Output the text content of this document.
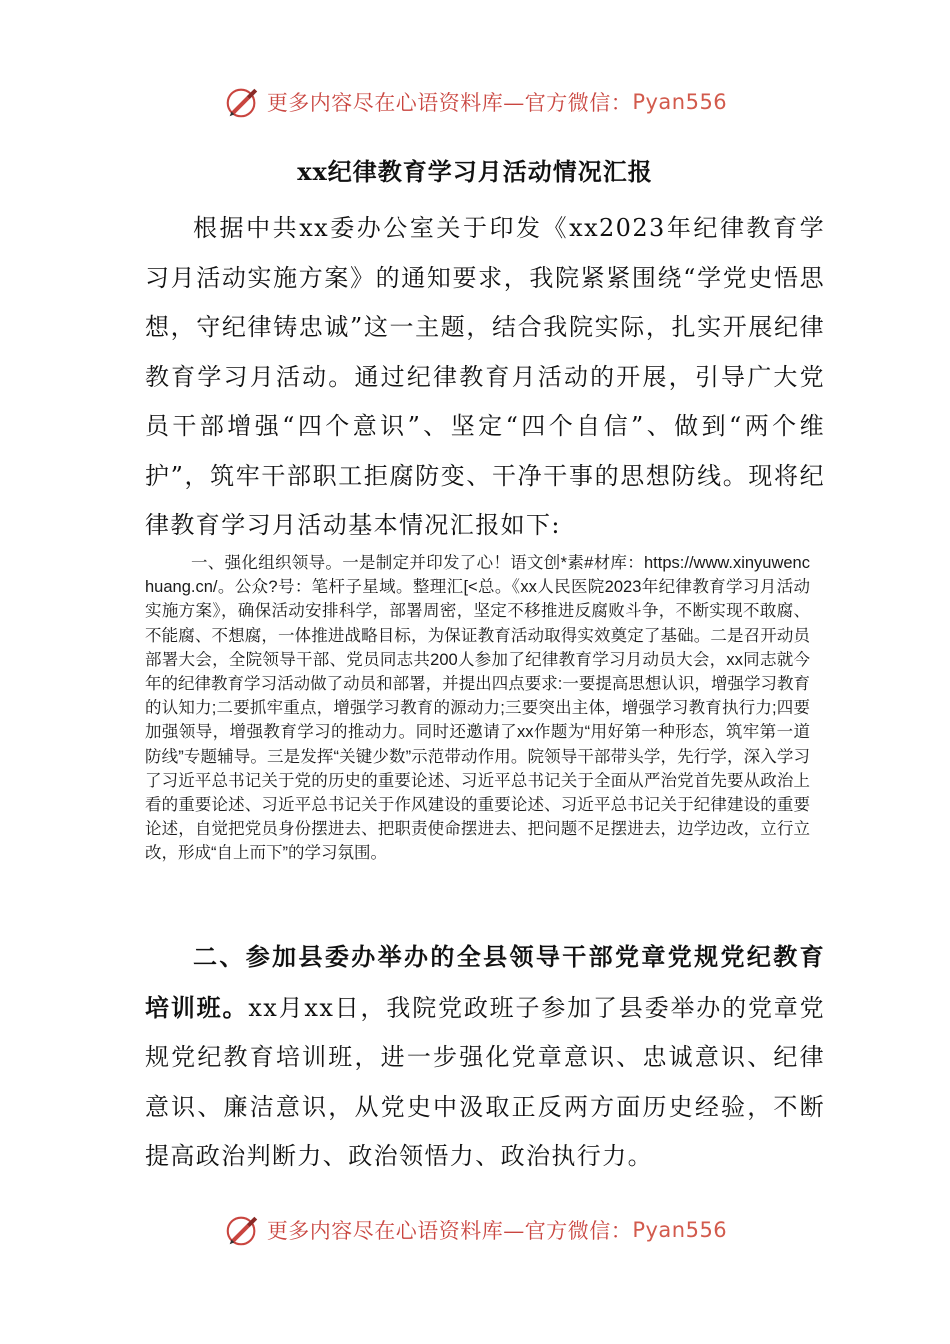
更多内容尽在心语资料库—官方微信： Pyan556
xx纪律教育学习月活动情况汇报

根据中共xx委办公室关于印发《xx2023年纪律教育学习月活动实施方案》的通知要求，我院紧紧围绕“学党史悟思想，守纪律铸忠诚”这一主题，结合我院实际，扎实开展纪律教育学习月活动。通过纪律教育月活动的开展，引导广大党员干部增强“四个意识”、坚定“四个自信”、做到“两个维护”，筑牢干部职工拒腐防变、干净干事的思想防线。现将纪律教育学习月活动基本情况汇报如下:

一、强化组织领导。一是制定并印发了心！语文创*素#材库：https://www.xinyuwenchuang.cn/。公众?号：笔杆子星域。整理汇[<总。《xx人民医院2023年纪律教育学习月活动实施方案》，确保活动安排科学，部署周密，坚定不移推进反腐败斗争，不断实现不敢腐、不能腐、不想腐，一体推进战略目标，为保证教育活动取得实效奠定了基础。二是召开动员部署大会，全院领导干部、党员同志共200人参加了纪律教育学习月动员大会，xx同志就今年的纪律教育学习活动做了动员和部署，并提出四点要求:一要提高思想认识，增强学习教育的认知力;二要抓牢重点，增强学习教育的源动力;三要突出主体，增强学习教育执行力;四要加强领导，增强教育学习的推动力。同时还邀请了xx作题为“用好第一种形态，筑牢第一道防线”专题辅导。三是发挥“关键少数”示范带动作用。院领导干部带头学，先行学，深入学习了习近平总书记关于党的历史的重要论述、习近平总书记关于全面从严治党首先要从政治上看的重要论述、习近平总书记关于作风建设的重要论述、习近平总书记关于纪律建设的重要论述，自觉把党员身份摆进去、把职责使命摆进去、把问题不足摆进去，边学边改，立行立改，形成“自上而下”的学习氛围。

二、参加县委办举办的全县领导干部党章党规党纪教育培训班。xx月xx日，我院党政班子参加了县委举办的党章党规党纪教育培训班，进一步强化党章意识、忠诚意识、纪律意识、廉洁意识，从党史中汲取正反两方面历史经验，不断提高政治判断力、政治领悟力、政治执行力。

更多内容尽在心语资料库—官方微信： Pyan556
